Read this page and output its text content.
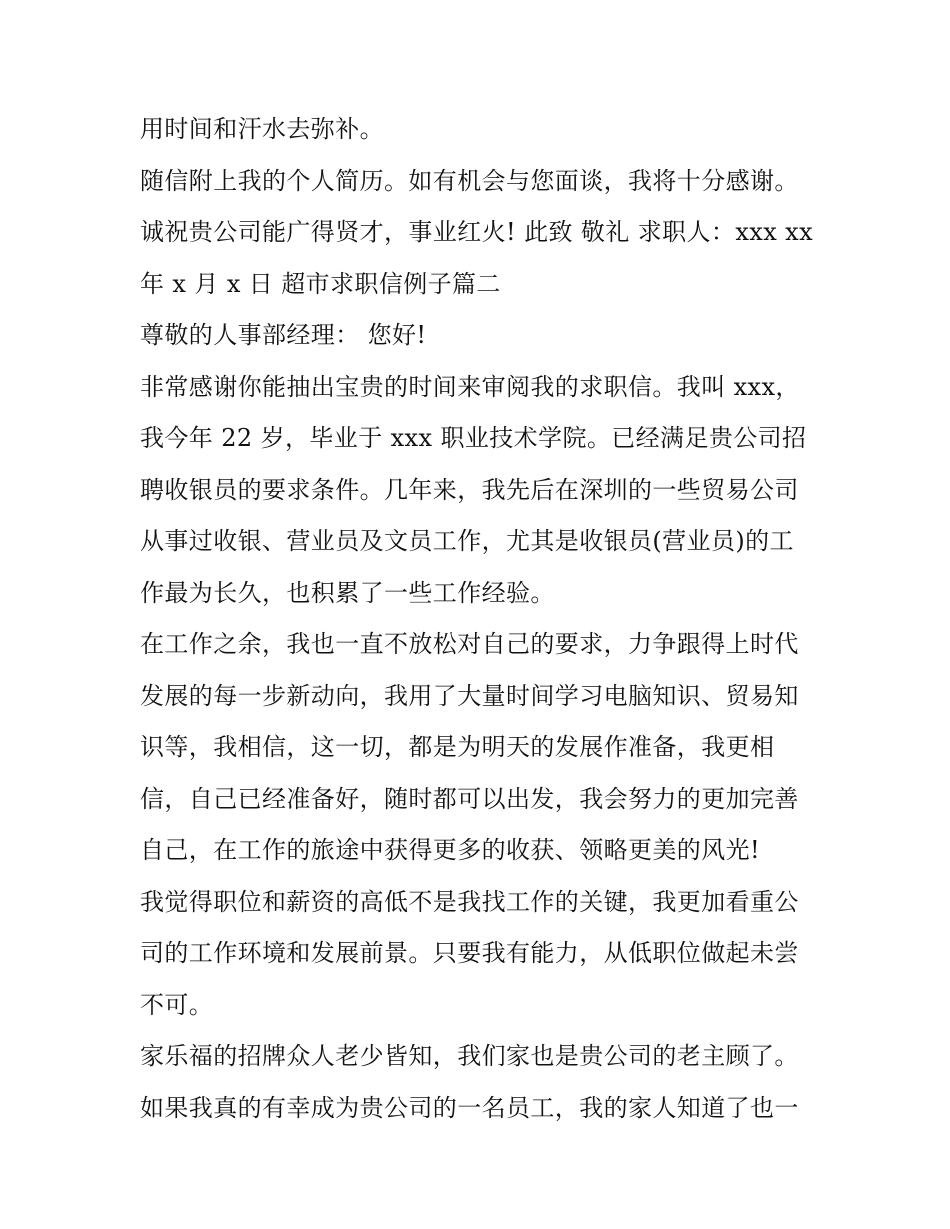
用时间和汗水去弥补。
随信附上我的个人简历。如有机会与您面谈，我将十分感谢。
诚祝贵公司能广得贤才，事业红火! 此致 敬礼 求职人：xxx xx
年 x 月 x 日 超市求职信例子篇二
尊敬的人事部经理： 您好!
非常感谢你能抽出宝贵的时间来审阅我的求职信。我叫 xxx，
我今年 22 岁，毕业于 xxx 职业技术学院。已经满足贵公司招
聘收银员的要求条件。几年来，我先后在深圳的一些贸易公司
从事过收银、营业员及文员工作，尤其是收银员(营业员)的工
作最为长久，也积累了一些工作经验。
在工作之余，我也一直不放松对自己的要求，力争跟得上时代
发展的每一步新动向，我用了大量时间学习电脑知识、贸易知
识等，我相信，这一切，都是为明天的发展作准备，我更相
信，自己已经准备好，随时都可以出发，我会努力的更加完善
自己，在工作的旅途中获得更多的收获、领略更美的风光!
我觉得职位和薪资的高低不是我找工作的关键，我更加看重公
司的工作环境和发展前景。只要我有能力，从低职位做起未尝
不可。
家乐福的招牌众人老少皆知，我们家也是贵公司的老主顾了。
如果我真的有幸成为贵公司的一名员工，我的家人知道了也一
